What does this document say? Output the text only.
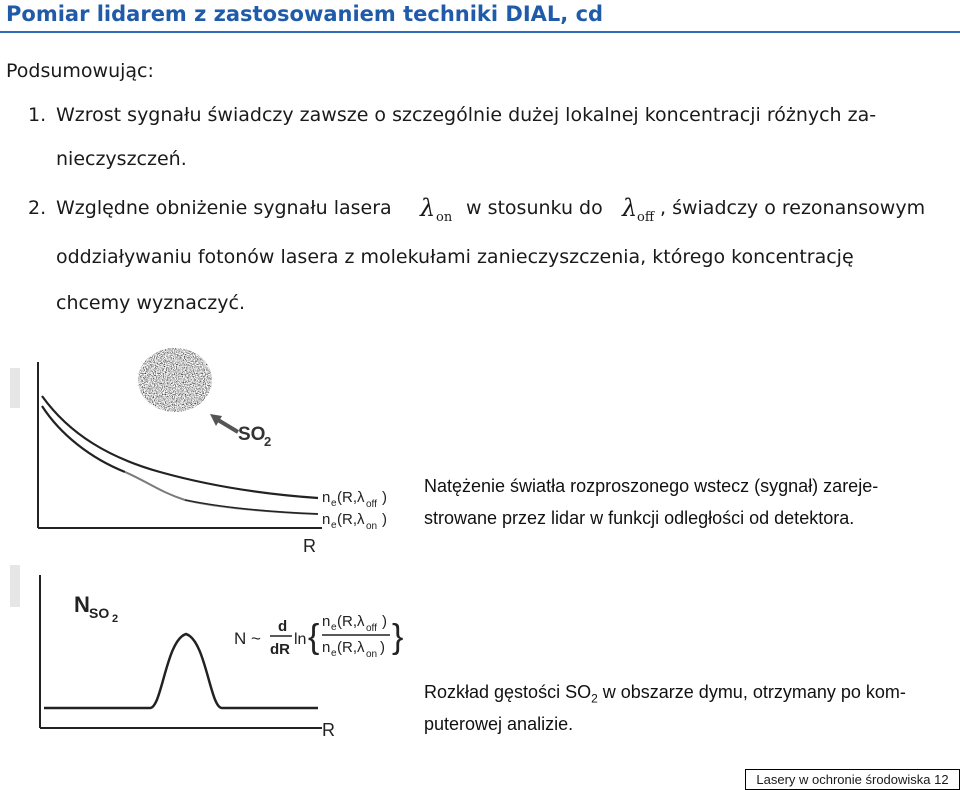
Pomiar lidarem z zastosowaniem techniki DIAL, cd
Podsumowując:
1. Wzrost sygnału świadczy zawsze o szczególnie dużej lokalnej koncentracji różnych za-
nieczyszczeń.
2. Względne obniżenie sygnału lasera λ on w stosunku do λ off , świadczy o rezonansowym
oddziaływaniu fotonów lasera z molekułami zanieczyszczenia, którego koncentrację
chcemy wyznaczyć.
SO
2
n e (R,λ off )
n e (R,λ on )
R
Natężenie światła rozproszonego wstecz (sygnał) zareje-
strowane przez lidar w funkcji odległości od detektora.
N SO 2
R
N ~
d
dR
ln { n e (R,λ off )
n e (R,λ on ) }
Rozkład gęstości $SO_2$ w obszarze dymu, otrzymany po kom-
puterowej analizie.
Lasery w ochronie środowiska 12
